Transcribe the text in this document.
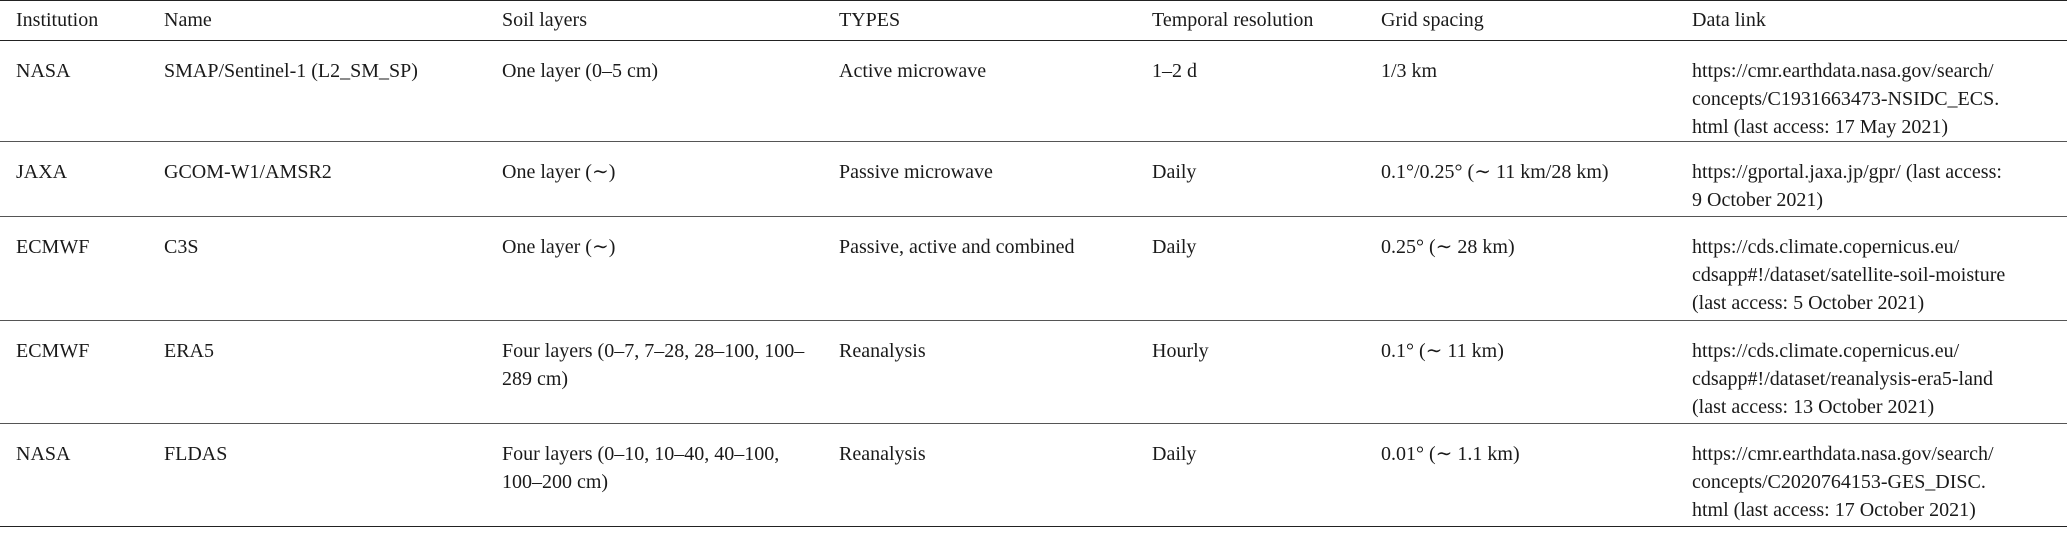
Institution	Name	Soil layers	TYPES	Temporal resolution	Grid spacing	Data link
NASA	SMAP/Sentinel-1 (L2_SM_SP)	One layer (0–5 cm)	Active microwave	1–2 d	1/3 km	https://cmr.earthdata.nasa.gov/search/
concepts/C1931663473-NSIDC_ECS.
html (last access: 17 May 2021)

JAXA	GCOM-W1/AMSR2	One layer (∼)	Passive microwave	Daily	0.1°/0.25° (∼ 11 km/28 km)	https://gportal.jaxa.jp/gpr/ (last access:
9 October 2021)

ECMWF	C3S	One layer (∼)	Passive, active and combined	Daily	0.25° (∼ 28 km)	https://cds.climate.copernicus.eu/
cdsapp#!/dataset/satellite-soil-moisture
(last access: 5 October 2021)

ECMWF	ERA5	Four layers (0–7, 7–28, 28–100, 100–289 cm)	Reanalysis	Hourly	0.1° (∼ 11 km)	https://cds.climate.copernicus.eu/
cdsapp#!/dataset/reanalysis-era5-land
(last access: 13 October 2021)

NASA	FLDAS	Four layers (0–10, 10–40, 40–100, 100–200 cm)	Reanalysis	Daily	0.01° (∼ 1.1 km)	https://cmr.earthdata.nasa.gov/search/
concepts/C2020764153-GES_DISC.
html (last access: 17 October 2021)
